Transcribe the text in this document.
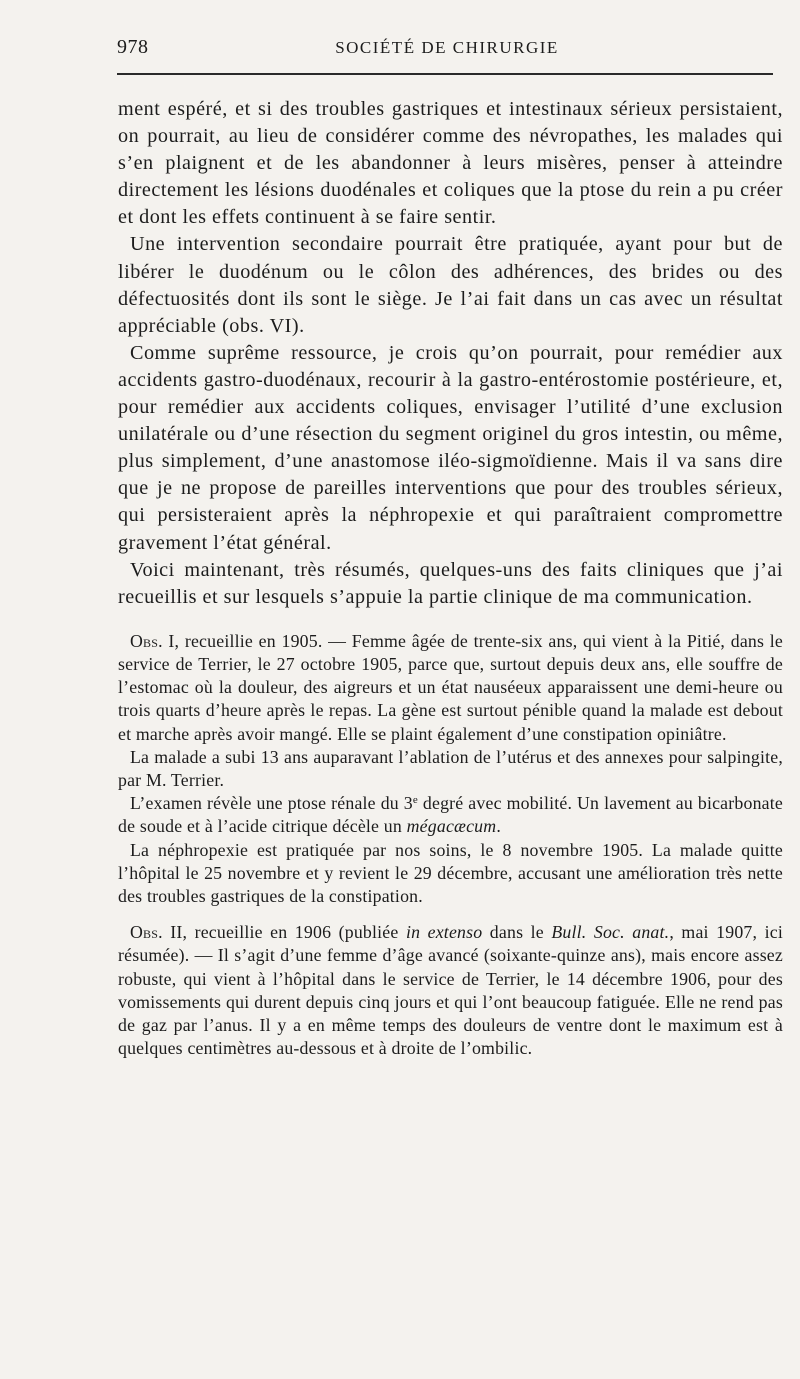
978	SOCIÉTÉ DE CHIRURGIE

ment espéré, et si des troubles gastriques et intestinaux sérieux persistaient, on pourrait, au lieu de considérer comme des névropathes, les malades qui s’en plaignent et de les abandonner à leurs misères, penser à atteindre directement les lésions duodénales et coliques que la ptose du rein a pu créer et dont les effets continuent à se faire sentir.

Une intervention secondaire pourrait être pratiquée, ayant pour but de libérer le duodénum ou le côlon des adhérences, des brides ou des défectuosités dont ils sont le siège. Je l’ai fait dans un cas avec un résultat appréciable (obs. VI).

Comme suprême ressource, je crois qu’on pourrait, pour remédier aux accidents gastro-duodénaux, recourir à la gastro-entérostomie postérieure, et, pour remédier aux accidents coliques, envisager l’utilité d’une exclusion unilatérale ou d’une résection du segment originel du gros intestin, ou même, plus simplement, d’une anastomose iléo-sigmoïdienne. Mais il va sans dire que je ne propose de pareilles interventions que pour des troubles sérieux, qui persisteraient après la néphropexie et qui paraîtraient compromettre gravement l’état général.

Voici maintenant, très résumés, quelques-uns des faits cliniques que j’ai recueillis et sur lesquels s’appuie la partie clinique de ma communication.

Obs. I, recueillie en 1905. — Femme âgée de trente-six ans, qui vient à la Pitié, dans le service de Terrier, le 27 octobre 1905, parce que, surtout depuis deux ans, elle souffre de l’estomac où la douleur, des aigreurs et un état nauséeux apparaissent une demi-heure ou trois quarts d’heure après le repas. La gène est surtout pénible quand la malade est debout et marche après avoir mangé. Elle se plaint également d’une constipation opiniâtre.

La malade a subi 13 ans auparavant l’ablation de l’utérus et des annexes pour salpingite, par M. Terrier.

L’examen révèle une ptose rénale du 3e degré avec mobilité. Un lavement au bicarbonate de soude et à l’acide citrique décèle un mégacæcum.

La néphropexie est pratiquée par nos soins, le 8 novembre 1905. La malade quitte l’hôpital le 25 novembre et y revient le 29 décembre, accusant une amélioration très nette des troubles gastriques de la constipation.

Obs. II, recueillie en 1906 (publiée in extenso dans le Bull. Soc. anat., mai 1907, ici résumée). — Il s’agit d’une femme d’âge avancé (soixante-quinze ans), mais encore assez robuste, qui vient à l’hôpital dans le service de Terrier, le 14 décembre 1906, pour des vomissements qui durent depuis cinq jours et qui l’ont beaucoup fatiguée. Elle ne rend pas de gaz par l’anus. Il y a en même temps des douleurs de ventre dont le maximum est à quelques centimètres au-dessous et à droite de l’ombilic.
